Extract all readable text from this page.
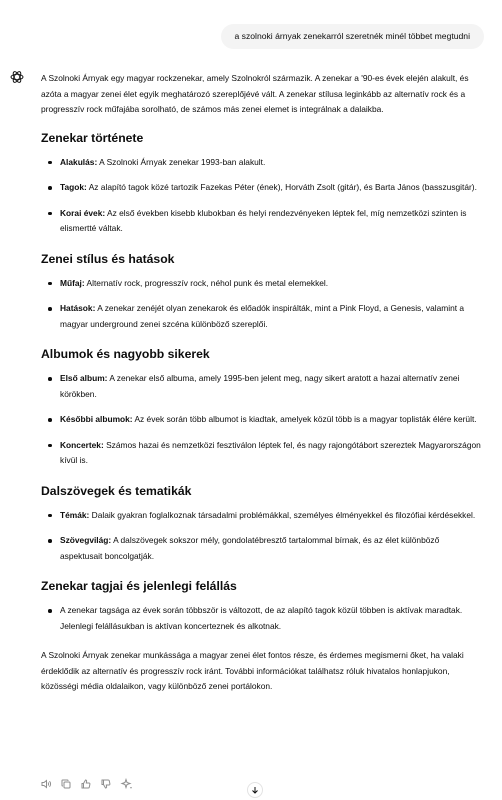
a szolnoki árnyak zenekarról szeretnék minél többet megtudni

A Szolnoki Árnyak egy magyar rockzenekar, amely Szolnokról származik. A zenekar a '90-es évek elején alakult, és azóta a magyar zenei élet egyik meghatározó szereplőjévé vált. A zenekar stílusa leginkább az alternatív rock és a progresszív rock műfajába sorolható, de számos más zenei elemet is integrálnak a dalaikba.

Zenekar története
Alakulás: A Szolnoki Árnyak zenekar 1993-ban alakult.
Tagok: Az alapító tagok közé tartozik Fazekas Péter (ének), Horváth Zsolt (gitár), és Barta János (basszusgitár).
Korai évek: Az első években kisebb klubokban és helyi rendezvényeken léptek fel, míg nemzetközi szinten is elismertté váltak.
Zenei stílus és hatások
Műfaj: Alternatív rock, progresszív rock, néhol punk és metal elemekkel.
Hatások: A zenekar zenéjét olyan zenekarok és előadók inspirálták, mint a Pink Floyd, a Genesis, valamint a magyar underground zenei szcéna különböző szereplői.
Albumok és nagyobb sikerek
Első album: A zenekar első albuma, amely 1995-ben jelent meg, nagy sikert aratott a hazai alternatív zenei körökben.
Későbbi albumok: Az évek során több albumot is kiadtak, amelyek közül több is a magyar toplisták élére került.
Koncertek: Számos hazai és nemzetközi fesztiválon léptek fel, és nagy rajongótábort szereztek Magyarországon kívül is.
Dalszövegek és tematikák
Témák: Dalaik gyakran foglalkoznak társadalmi problémákkal, személyes élményekkel és filozófiai kérdésekkel.
Szövegvilág: A dalszövegek sokszor mély, gondolatébresztő tartalommal bírnak, és az élet különböző aspektusait boncolgatják.
Zenekar tagjai és jelenlegi felállás
A zenekar tagsága az évek során többször is változott, de az alapító tagok közül többen is aktívak maradtak. Jelenlegi felállásukban is aktívan koncerteznek és alkotnak.

A Szolnoki Árnyak zenekar munkássága a magyar zenei élet fontos része, és érdemes megismerni őket, ha valaki érdeklődik az alternatív és progresszív rock iránt. További információkat találhatsz róluk hivatalos honlapjukon, közösségi média oldalaikon, vagy különböző zenei portálokon.
